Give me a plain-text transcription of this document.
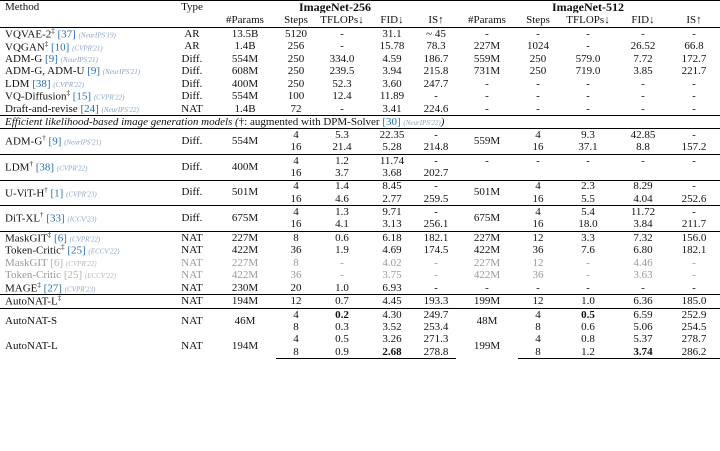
Method	Type	ImageNet-256					ImageNet-512				
		#Params	Steps	TFLOPs↓	FID↓	IS↑	#Params	Steps	TFLOPs↓	FID↓	IS↑
VQVAE-2‡ [37] (NeurIPS'19)	AR	13.5B	5120	-	31.1	~ 45	-	-	-	-	-
VQGAN‡ [10] (CVPR'21)	AR	1.4B	256	-	15.78	78.3	227M	1024	-	26.52	66.8
ADM-G [9] (NeurIPS'21)	Diff.	554M	250	334.0	4.59	186.7	559M	250	579.0	7.72	172.7
ADM-G, ADM-U [9] (NeurIPS'21)	Diff.	608M	250	239.5	3.94	215.8	731M	250	719.0	3.85	221.7
LDM [38] (CVPR'22)	Diff.	400M	250	52.3	3.60	247.7	-	-	-	-	-
VQ-Diffusion‡ [15] (CVPR'22)	Diff.	554M	100	12.4	11.89	-	-	-	-	-	-
Draft-and-revise [24] (NeurIPS'22)	NAT	1.4B	72	-	3.41	224.6	-	-	-	-	-
Efficient likelihood-based image generation models (†: augmented with DPM-Solver [30] (NeurIPS'22))											
ADM-G† [9] (NeurIPS'21)	Diff.	554M	4	5.3	22.35	-	559M	4	9.3	42.85	-
			16	21.4	5.28	214.8		16	37.1	8.8	157.2
LDM† [38] (CVPR'22)	Diff.	400M	4	1.2	11.74	-	-	-	-	-	-
			16	3.7	3.68	202.7					
U-ViT-H† [1] (CVPR'23)	Diff.	501M	4	1.4	8.45	-	501M	4	2.3	8.29	-
			16	4.6	2.77	259.5		16	5.5	4.04	252.6
DiT-XL† [33] (ICCV'23)	Diff.	675M	4	1.3	9.71	-	675M	4	5.4	11.72	-
			16	4.1	3.13	256.1		16	18.0	3.84	211.7
MaskGIT‡ [6] (CVPR'22)	NAT	227M	8	0.6	6.18	182.1	227M	12	3.3	7.32	156.0
Token-Critic‡ [25] (ECCV'22)	NAT	422M	36	1.9	4.69	174.5	422M	36	7.6	6.80	182.1
MaskGIT [6] (CVPR'22)	NAT	227M	8	-	4.02	-	227M	12	-	4.46	-
Token-Critic [25] (ECCV'22)	NAT	422M	36	-	3.75	-	422M	36	-	3.63	-
MAGE‡ [27] (CVPR'23)	NAT	230M	20	1.0	6.93	-	-	-	-	-	-
AutoNAT-L‡	NAT	194M	12	0.7	4.45	193.3	199M	12	1.0	6.36	185.0
AutoNAT-S	NAT	46M	4	0.2	4.30	249.7	48M	4	0.5	6.59	252.9
			8	0.3	3.52	253.4		8	0.6	5.06	254.5
AutoNAT-L	NAT	194M	4	0.5	3.26	271.3	199M	4	0.8	5.37	278.7
			8	0.9	2.68	278.8		8	1.2	3.74	286.2
